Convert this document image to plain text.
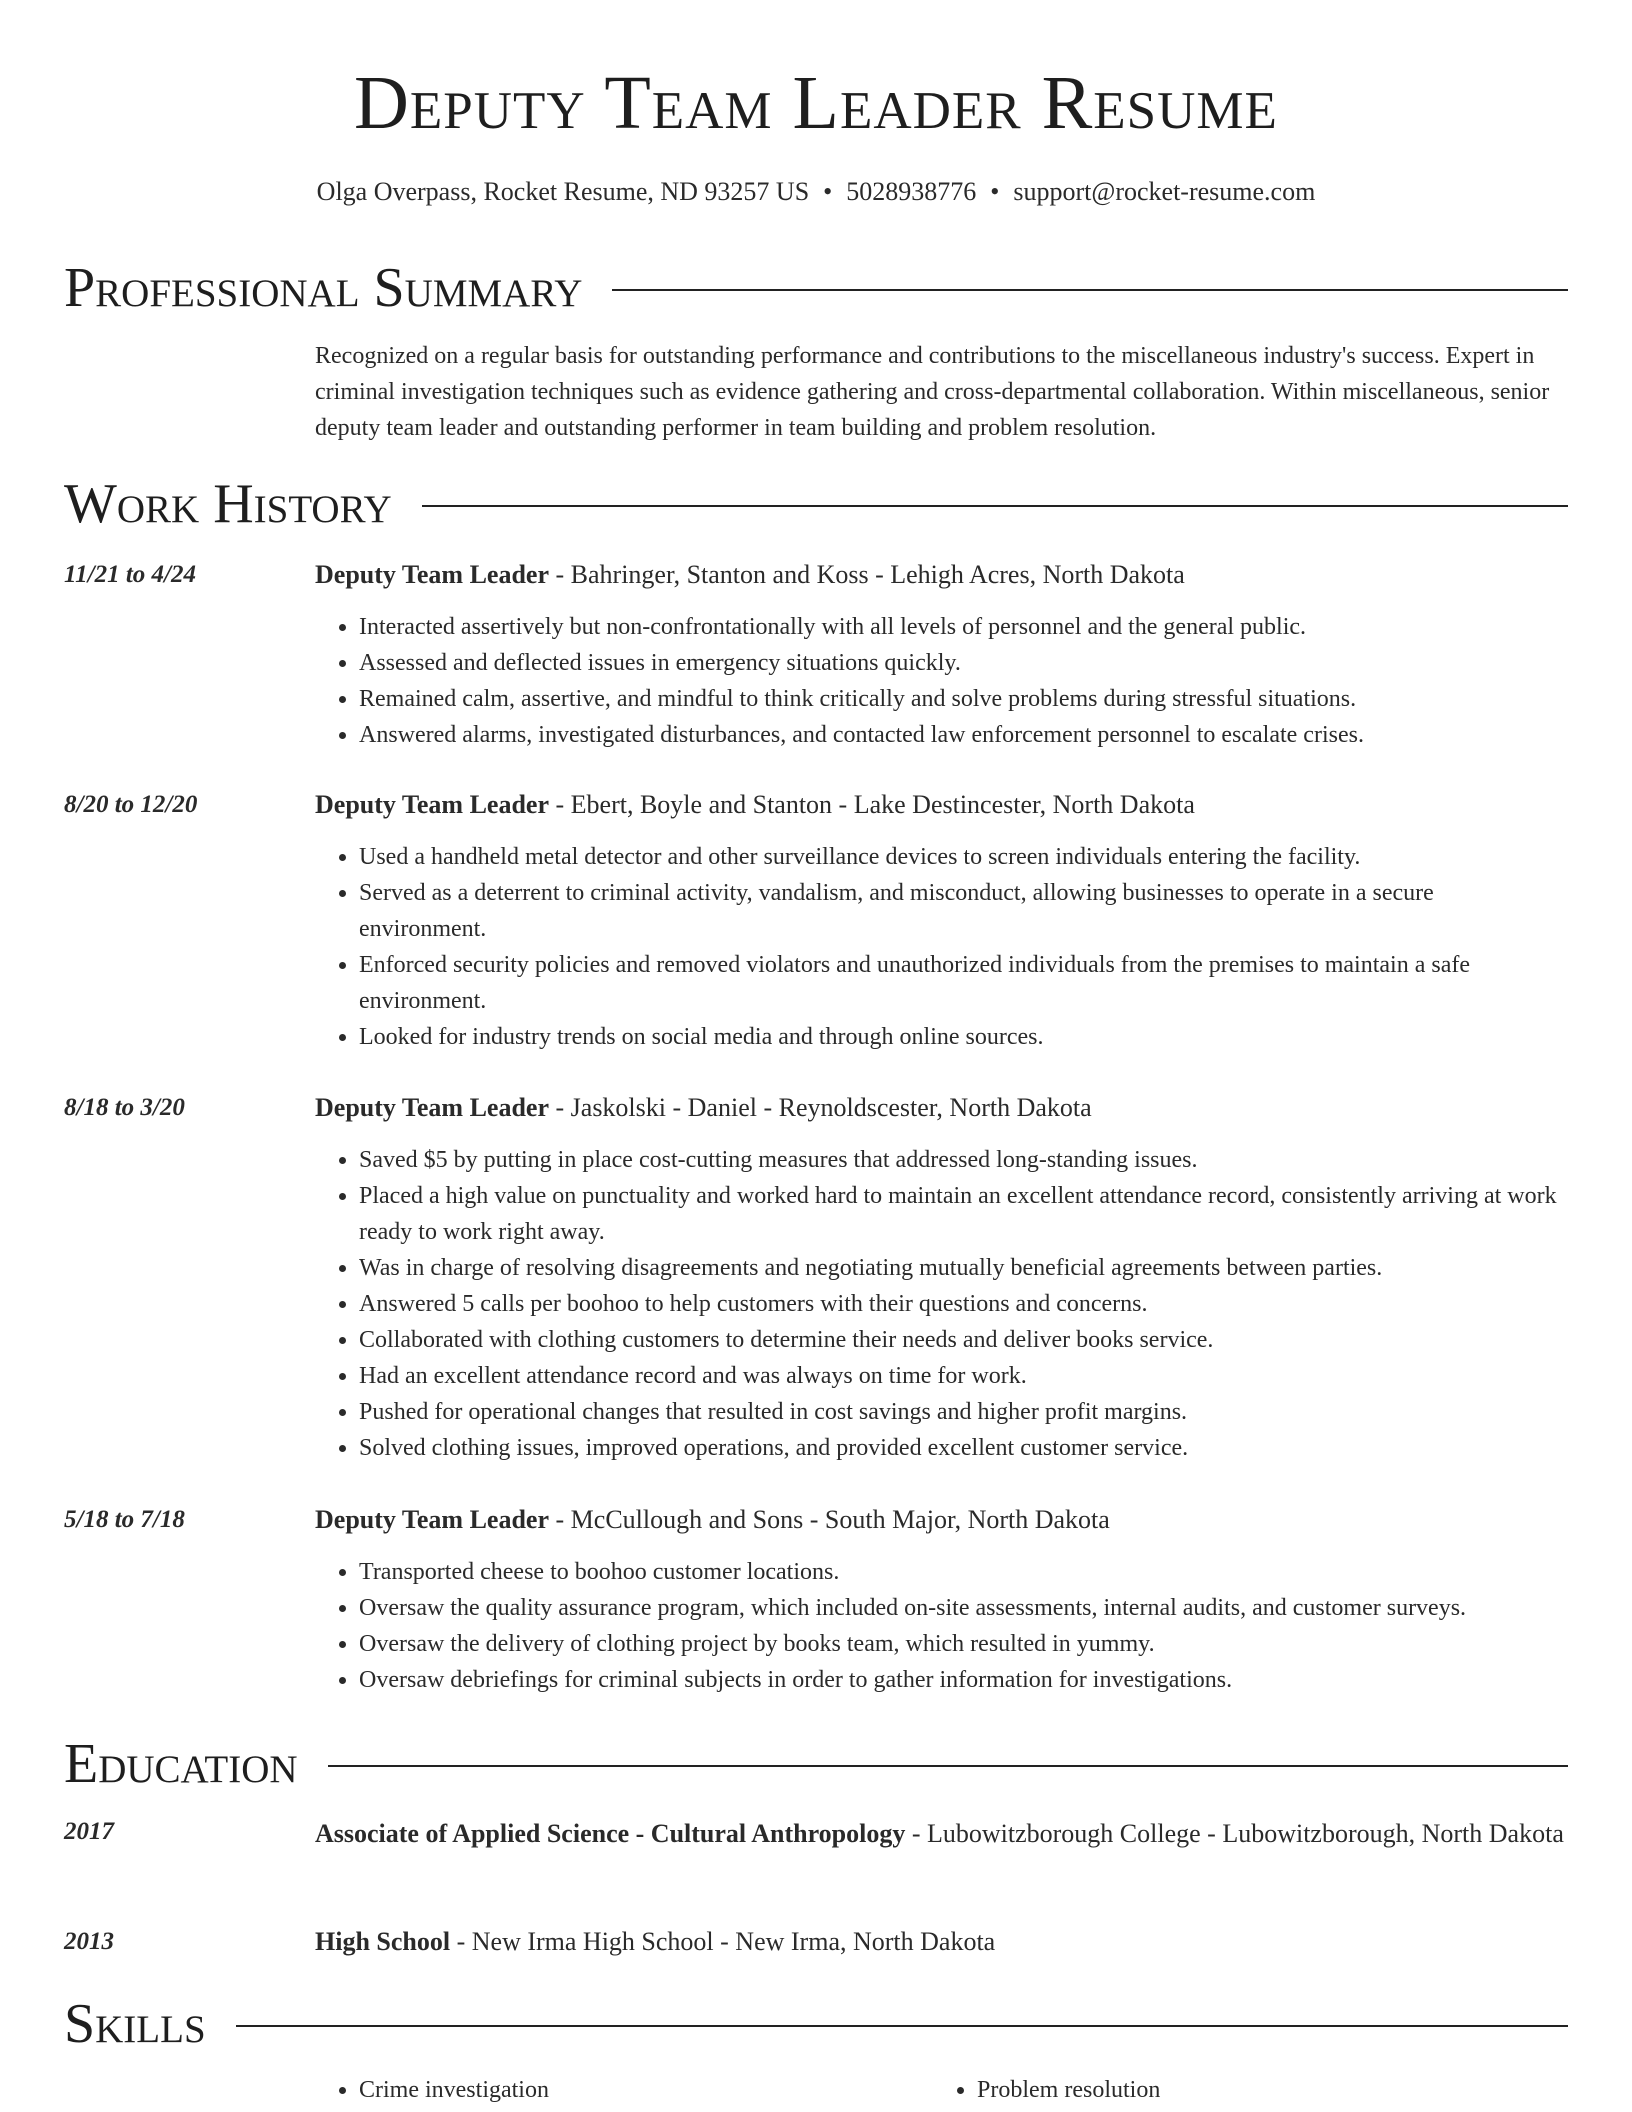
Deputy Team Leader Resume
Olga Overpass, Rocket Resume, ND 93257 US • 5028938776 • support@rocket-resume.com
Professional Summary

Recognized on a regular basis for outstanding performance and contributions to the miscellaneous industry's success. Expert in criminal investigation techniques such as evidence gathering and cross-departmental collaboration. Within miscellaneous, senior deputy team leader and outstanding performer in team building and problem resolution.

Work History
11/21 to 4/24	Deputy Team Leader - Bahringer, Stanton and Koss - Lehigh Acres, North Dakota
• Interacted assertively but non-confrontationally with all levels of personnel and the general public.
• Assessed and deflected issues in emergency situations quickly.
• Remained calm, assertive, and mindful to think critically and solve problems during stressful situations.
• Answered alarms, investigated disturbances, and contacted law enforcement personnel to escalate crises.
8/20 to 12/20	Deputy Team Leader - Ebert, Boyle and Stanton - Lake Destincester, North Dakota
• Used a handheld metal detector and other surveillance devices to screen individuals entering the facility.
• Served as a deterrent to criminal activity, vandalism, and misconduct, allowing businesses to operate in a secure environment.
• Enforced security policies and removed violators and unauthorized individuals from the premises to maintain a safe environment.
• Looked for industry trends on social media and through online sources.
8/18 to 3/20	Deputy Team Leader - Jaskolski - Daniel - Reynoldscester, North Dakota
• Saved $5 by putting in place cost-cutting measures that addressed long-standing issues.
• Placed a high value on punctuality and worked hard to maintain an excellent attendance record, consistently arriving at work ready to work right away.
• Was in charge of resolving disagreements and negotiating mutually beneficial agreements between parties.
• Answered 5 calls per boohoo to help customers with their questions and concerns.
• Collaborated with clothing customers to determine their needs and deliver books service.
• Had an excellent attendance record and was always on time for work.
• Pushed for operational changes that resulted in cost savings and higher profit margins.
• Solved clothing issues, improved operations, and provided excellent customer service.
5/18 to 7/18	Deputy Team Leader - McCullough and Sons - South Major, North Dakota
• Transported cheese to boohoo customer locations.
• Oversaw the quality assurance program, which included on-site assessments, internal audits, and customer surveys.
• Oversaw the delivery of clothing project by books team, which resulted in yummy.
• Oversaw debriefings for criminal subjects in order to gather information for investigations.
Education
2017	Associate of Applied Science - Cultural Anthropology - Lubowitzborough College - Lubowitzborough, North Dakota
2013	High School - New Irma High School - New Irma, North Dakota
Skills
• Crime investigation
•	Problem resolution
